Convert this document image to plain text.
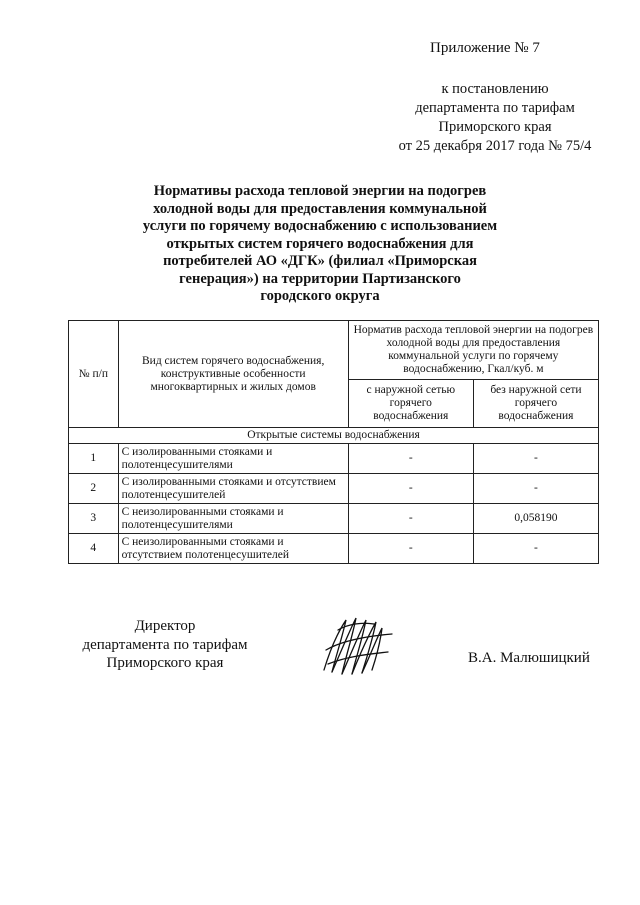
Приложение № 7
к постановлению
департамента по тарифам
Приморского края
от 25 декабря 2017 года № 75/4
Нормативы расхода тепловой энергии на подогрев
холодной воды для предоставления коммунальной
услуги по горячему водоснабжению с использованием
открытых систем горячего водоснабжения для
потребителей АО «ДГК» (филиал «Приморская
генерация») на территории Партизанского
городского округа
№ п/п	Вид систем горячего водоснабжения, конструктивные особенности многоквартирных и жилых домов	Норматив расхода тепловой энергии на подогрев холодной воды для предоставления коммунальной услуги по горячему водоснабжению, Гкал/куб. м	
		с наружной сетью горячего водоснабжения	без наружной сети горячего водоснабжения
Открытые системы водоснабжения			
1	С изолированными стояками и полотенцесушителями	-	-
2	С изолированными стояками и отсутствием полотенцесушителей	-	-
3	С неизолированными стояками и полотенцесушителями	-	0,058190
4	С неизолированными стояками и отсутствием полотенцесушителей	-	-
Директор
департамента по тарифам
Приморского края	В.А. Малюшицкий
